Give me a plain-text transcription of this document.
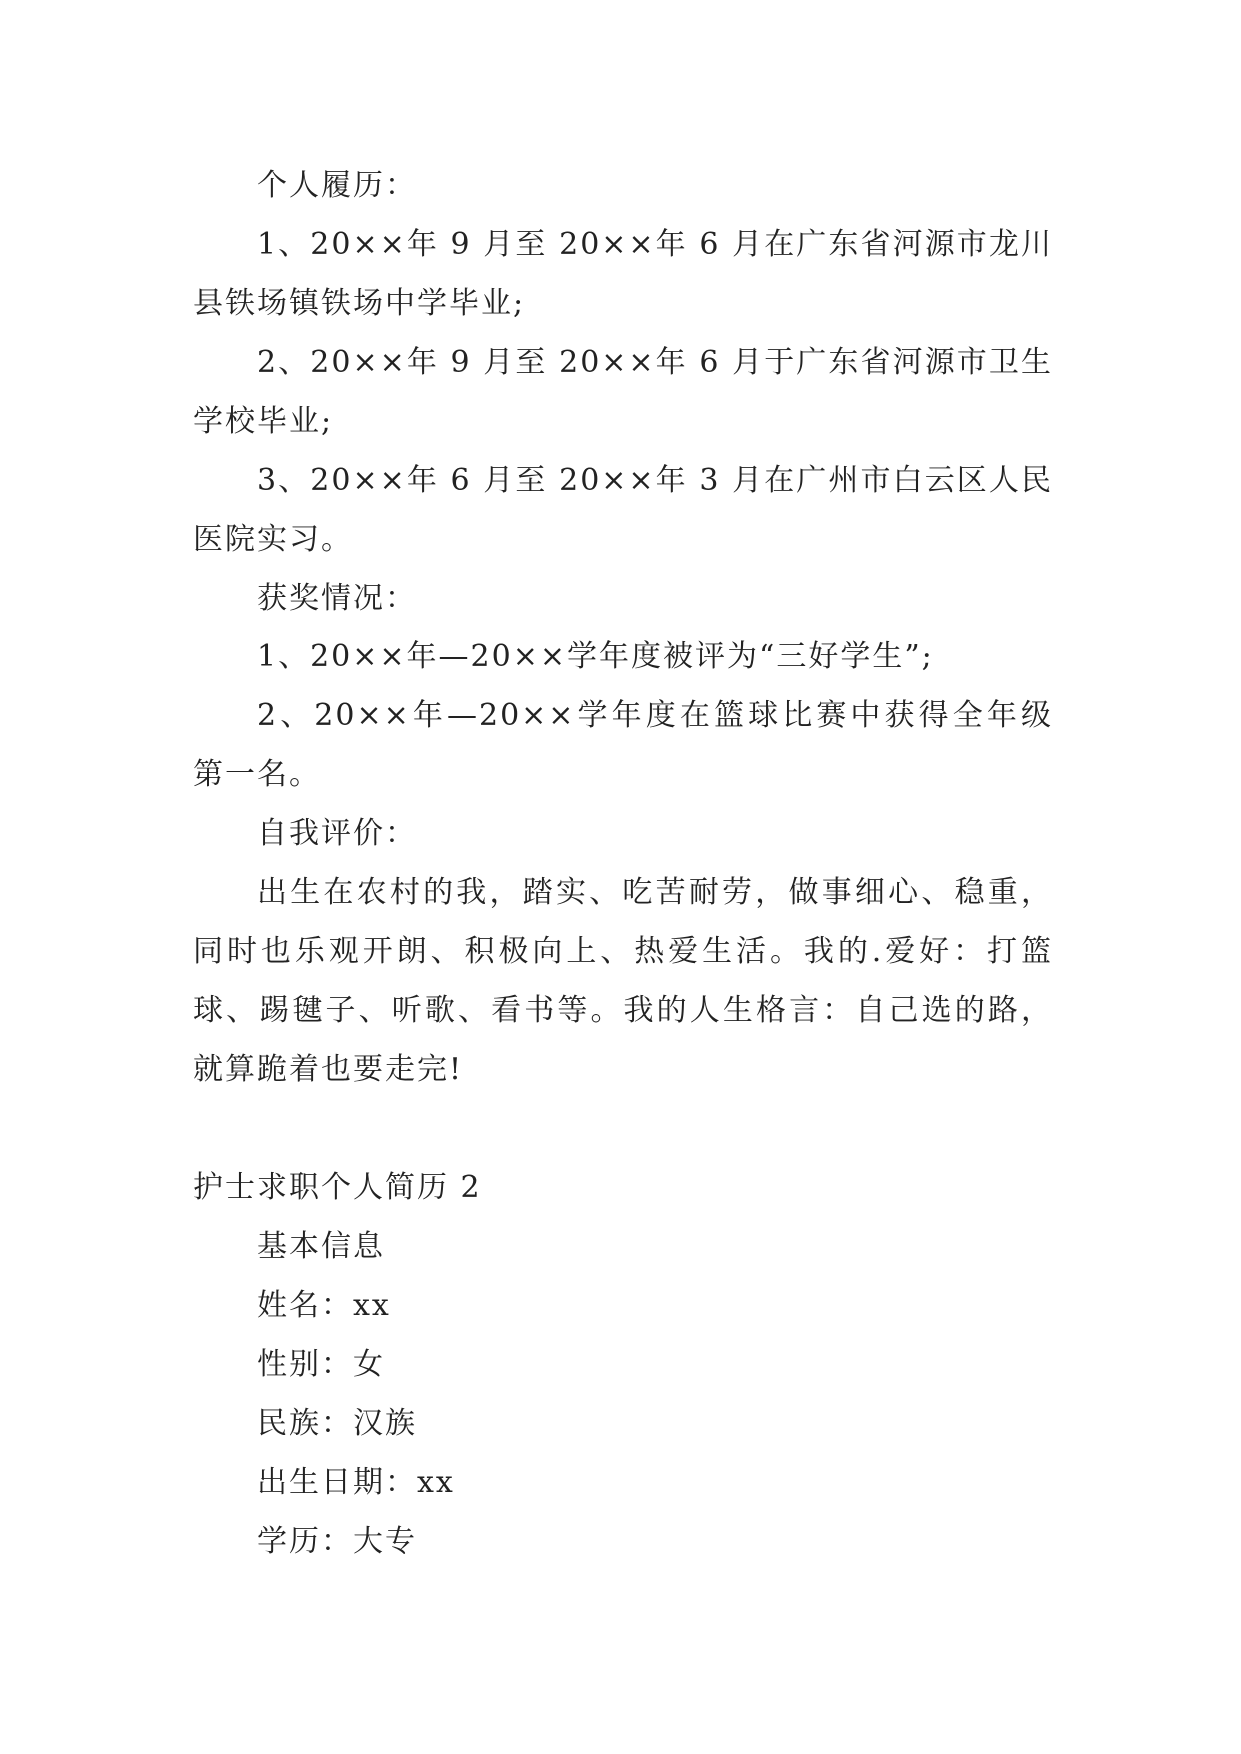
个人履历：
1、20××年 9 月至 20××年 6 月在广东省河源市龙川
县铁场镇铁场中学毕业;
2、20××年 9 月至 20××年 6 月于广东省河源市卫生
学校毕业;
3、20××年 6 月至 20××年 3 月在广州市白云区人民
医院实习。
获奖情况：
1、20××年—20××学年度被评为“三好学生”;
2、20××年—20××学年度在篮球比赛中获得全年级
第一名。
自我评价：
出生在农村的我，踏实、吃苦耐劳，做事细心、稳重，
同时也乐观开朗、积极向上、热爱生活。我的.爱好：打篮
球、踢毽子、听歌、看书等。我的人生格言：自己选的路，
就算跪着也要走完!
护士求职个人简历 2
基本信息
姓名：xx
性别：女
民族：汉族
出生日期：xx
学历：大专
